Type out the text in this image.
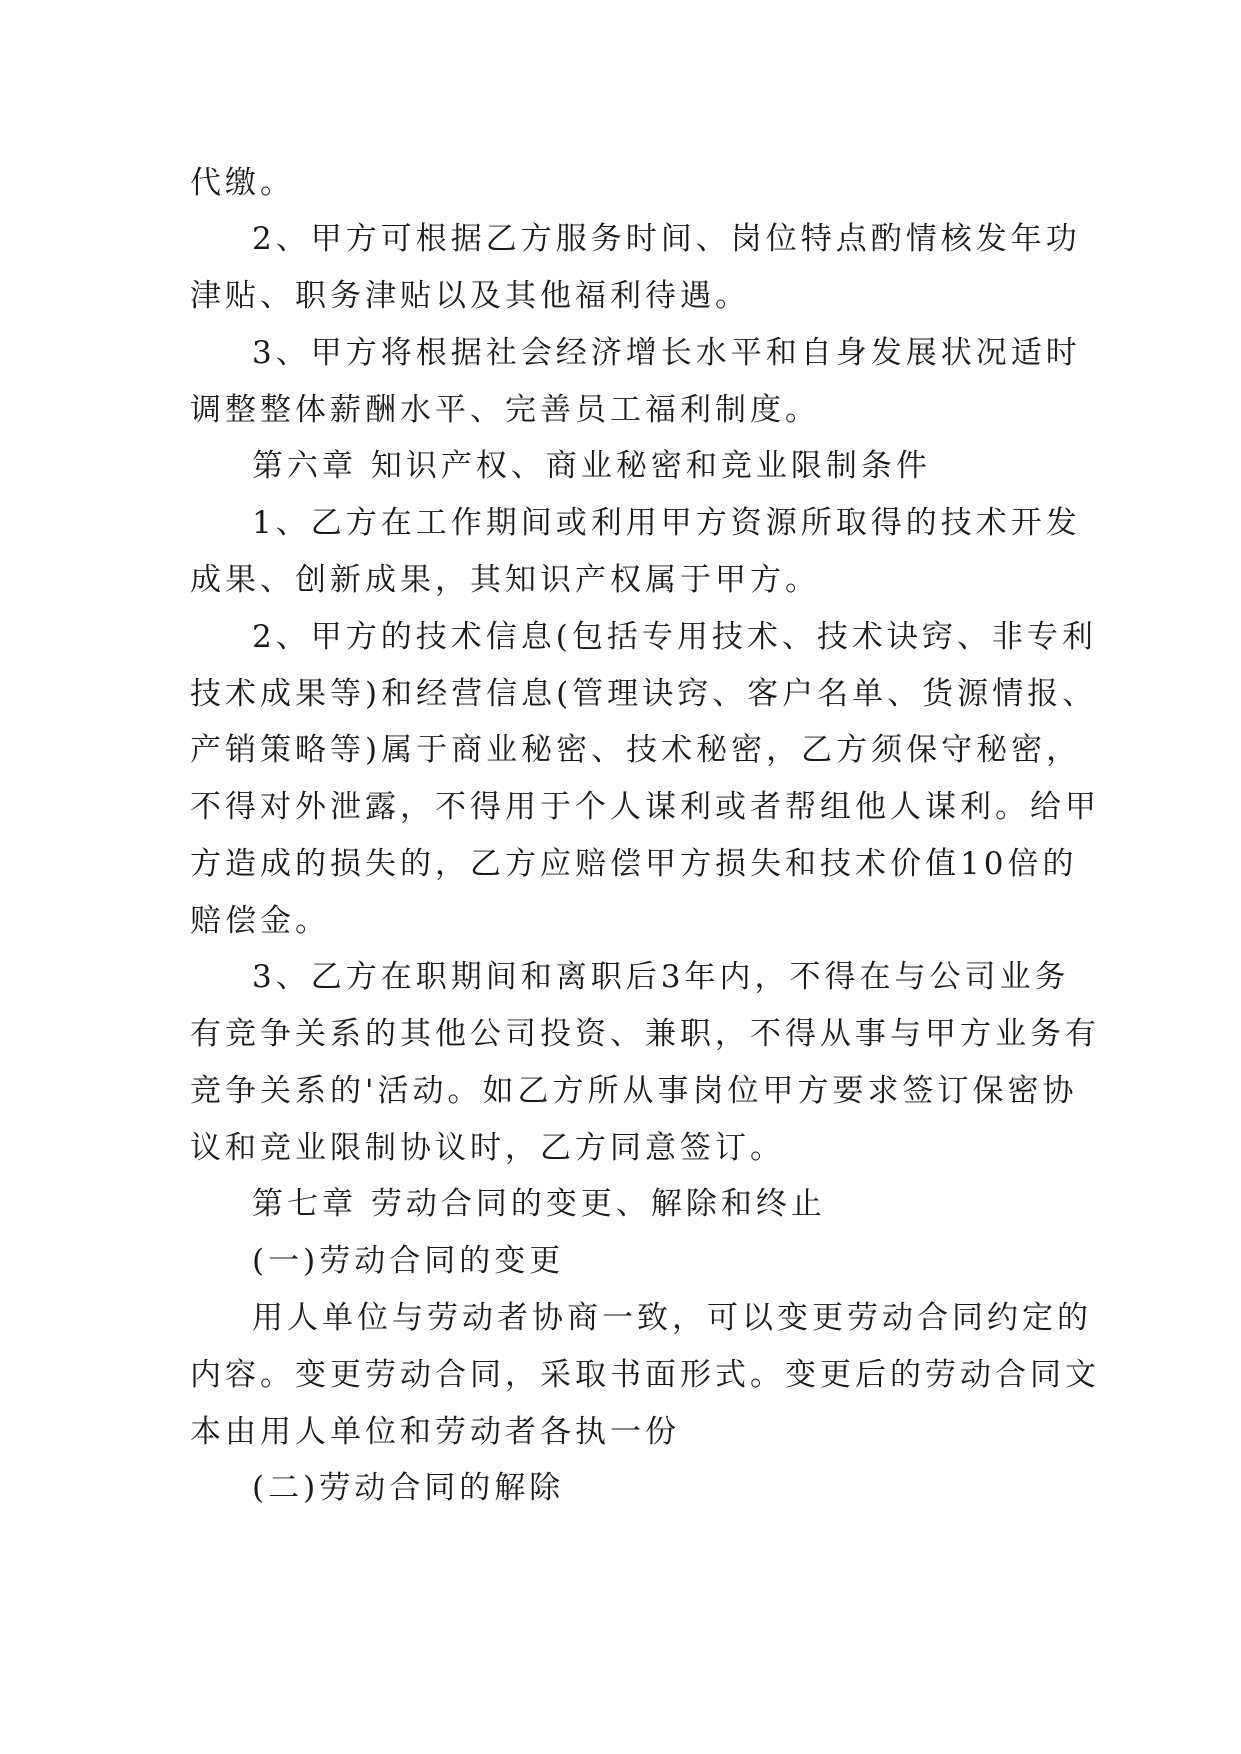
代缴。
2、甲方可根据乙方服务时间、岗位特点酌情核发年功
津贴、职务津贴以及其他福利待遇。
3、甲方将根据社会经济增长水平和自身发展状况适时
调整整体薪酬水平、完善员工福利制度。
第六章 知识产权、商业秘密和竞业限制条件
1、乙方在工作期间或利用甲方资源所取得的技术开发
成果、创新成果，其知识产权属于甲方。
2、甲方的技术信息(包括专用技术、技术诀窍、非专利
技术成果等)和经营信息(管理诀窍、客户名单、货源情报、
产销策略等)属于商业秘密、技术秘密，乙方须保守秘密，
不得对外泄露，不得用于个人谋利或者帮组他人谋利。给甲
方造成的损失的，乙方应赔偿甲方损失和技术价值10倍的
赔偿金。
3、乙方在职期间和离职后3年内，不得在与公司业务
有竞争关系的其他公司投资、兼职，不得从事与甲方业务有
竞争关系的'活动。如乙方所从事岗位甲方要求签订保密协
议和竞业限制协议时，乙方同意签订。
第七章 劳动合同的变更、解除和终止
(一)劳动合同的变更
用人单位与劳动者协商一致，可以变更劳动合同约定的
内容。变更劳动合同，采取书面形式。变更后的劳动合同文
本由用人单位和劳动者各执一份
(二)劳动合同的解除
